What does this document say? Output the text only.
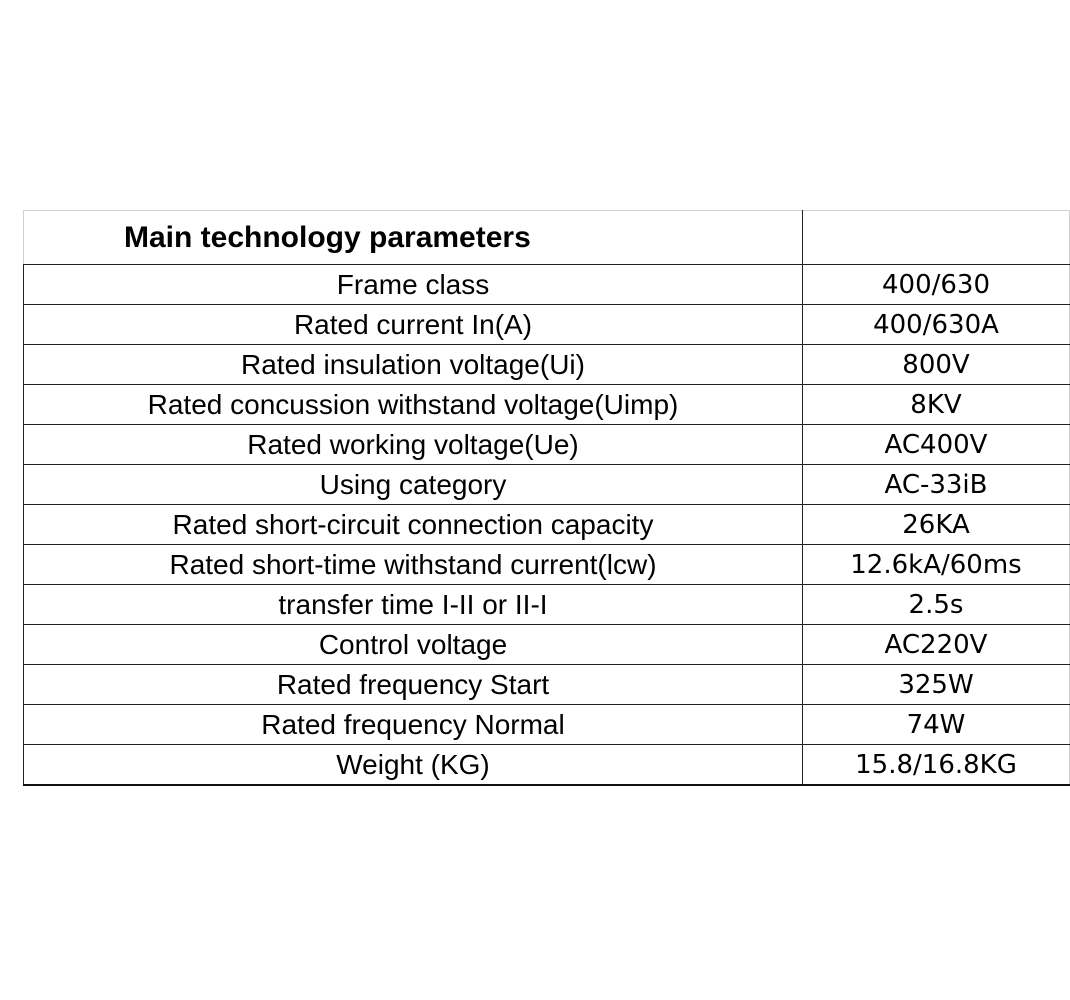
Main technology parameters	
Frame class	400/630
Rated current In(A)	400/630A
Rated insulation voltage(Ui)	800V
Rated concussion withstand voltage(Uimp)	8KV
Rated working voltage(Ue)	AC400V
Using category	AC-33iB
Rated short-circuit connection capacity	26KA
Rated short-time withstand current(lcw)	12.6kA/60ms
transfer time I-II or II-I	2.5s
Control voltage	AC220V
Rated frequency Start	325W
Rated frequency Normal	74W
Weight (KG)	15.8/16.8KG
